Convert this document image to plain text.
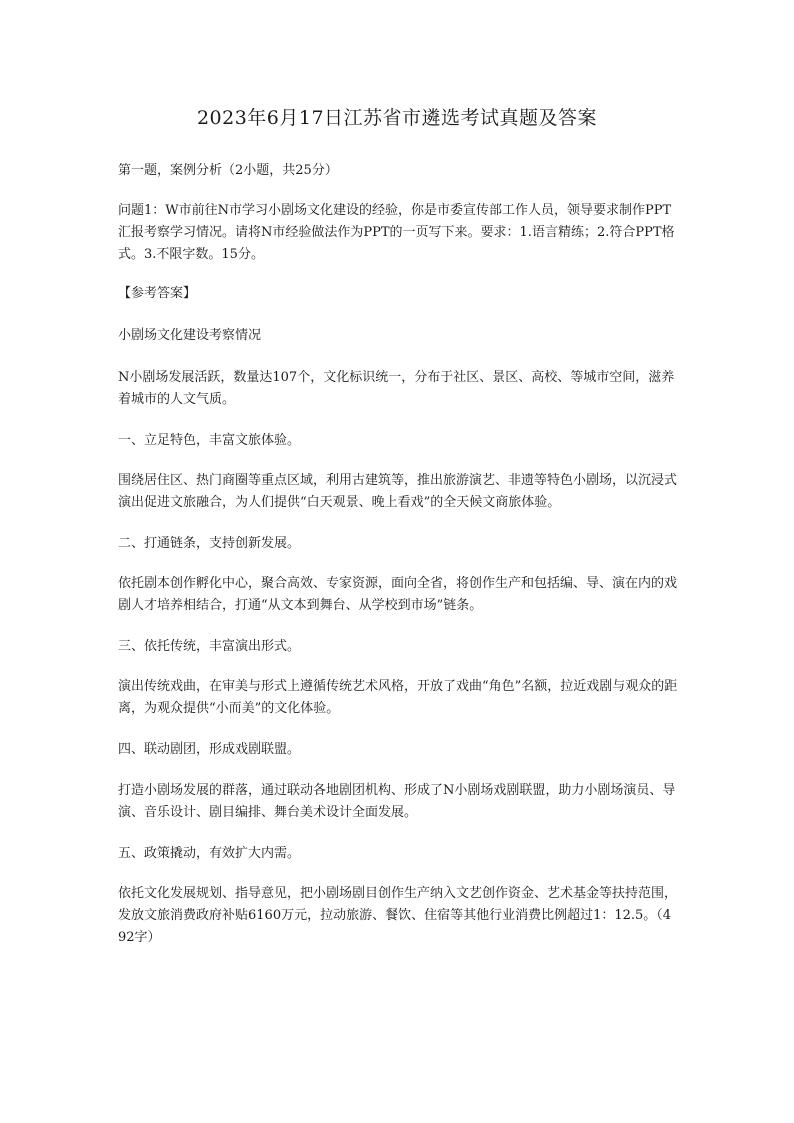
2023年6月17日江苏省市遴选考试真题及答案

第一题，案例分析（2小题，共25分）

问题1：W市前往N市学习小剧场文化建设的经验，你是市委宣传部工作人员，领导要求制作PPT汇报考察学习情况。请将N市经验做法作为PPT的一页写下来。要求：1.语言精练；2.符合PPT格式。3.不限字数。15分。

【参考答案】

小剧场文化建设考察情况

N小剧场发展活跃，数量达107个，文化标识统一，分布于社区、景区、高校、等城市空间，滋养着城市的人文气质。

一、立足特色，丰富文旅体验。

围绕居住区、热门商圈等重点区域，利用古建筑等，推出旅游演艺、非遗等特色小剧场，以沉浸式演出促进文旅融合，为人们提供“白天观景、晚上看戏”的全天候文商旅体验。

二、打通链条，支持创新发展。

依托剧本创作孵化中心，聚合高效、专家资源，面向全省，将创作生产和包括编、导、演在内的戏剧人才培养相结合，打通“从文本到舞台、从学校到市场”链条。

三、依托传统，丰富演出形式。

演出传统戏曲，在审美与形式上遵循传统艺术风格，开放了戏曲“角色”名额，拉近戏剧与观众的距离，为观众提供“小而美”的文化体验。

四、联动剧团，形成戏剧联盟。

打造小剧场发展的群落，通过联动各地剧团机构、形成了N小剧场戏剧联盟，助力小剧场演员、导演、音乐设计、剧目编排、舞台美术设计全面发展。

五、政策撬动，有效扩大内需。

依托文化发展规划、指导意见，把小剧场剧目创作生产纳入文艺创作资金、艺术基金等扶持范围，发放文旅消费政府补贴6160万元，拉动旅游、餐饮、住宿等其他行业消费比例超过1：12.5。（492字）
